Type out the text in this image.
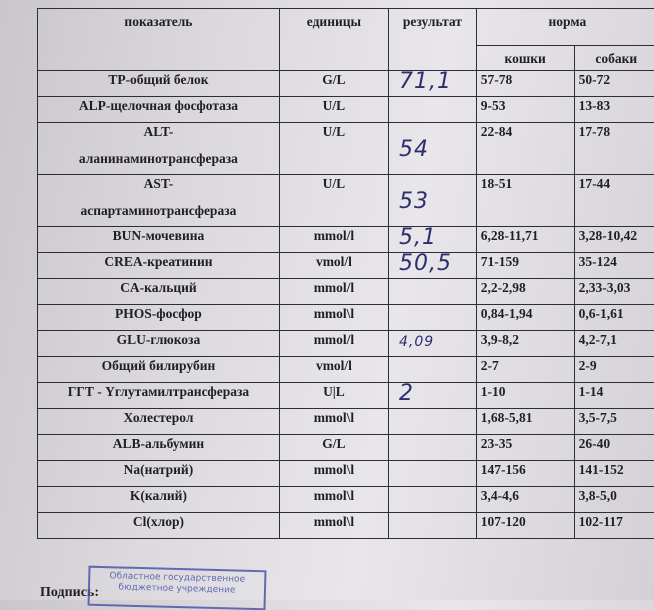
показатель	единицы	результат	норма	
			кошки	собаки
TP-общий белок	G/L	71,1	57-78	50-72
ALP-щелочная фосфотаза	U/L		9-53	13-83

ALT-
аланинаминотрансфераза	U/L	54	22-84	17-78

AST-
аспартаминотрансфераза	U/L	53	18-51	17-44
BUN-мочевина	mmol/l	5,1	6,28-11,71	3,28-10,42
CREA-креатинин	vmol/l	50,5	71-159	35-124
CA-кальций	mmol/l		2,2-2,98	2,33-3,03
PHOS-фосфор	mmol\l		0,84-1,94	0,6-1,61
GLU-глюкоза	mmol/l	4,09	3,9-8,2	4,2-7,1
Общий билирубин	vmol/l		2-7	2-9
ГГТ - Yглутамилтрансфераза	U|L	2	1-10	1-14
Холестерол	mmol\l		1,68-5,81	3,5-7,5
ALB-альбумин	G/L		23-35	26-40
Na(натрий)	mmol\l		147-156	141-152
K(калий)	mmol\l		3,4-4,6	3,8-5,0
Cl(хлор)	mmol\l		107-120	102-117
Подпись:
Областное государственное бюджетное учреждение
